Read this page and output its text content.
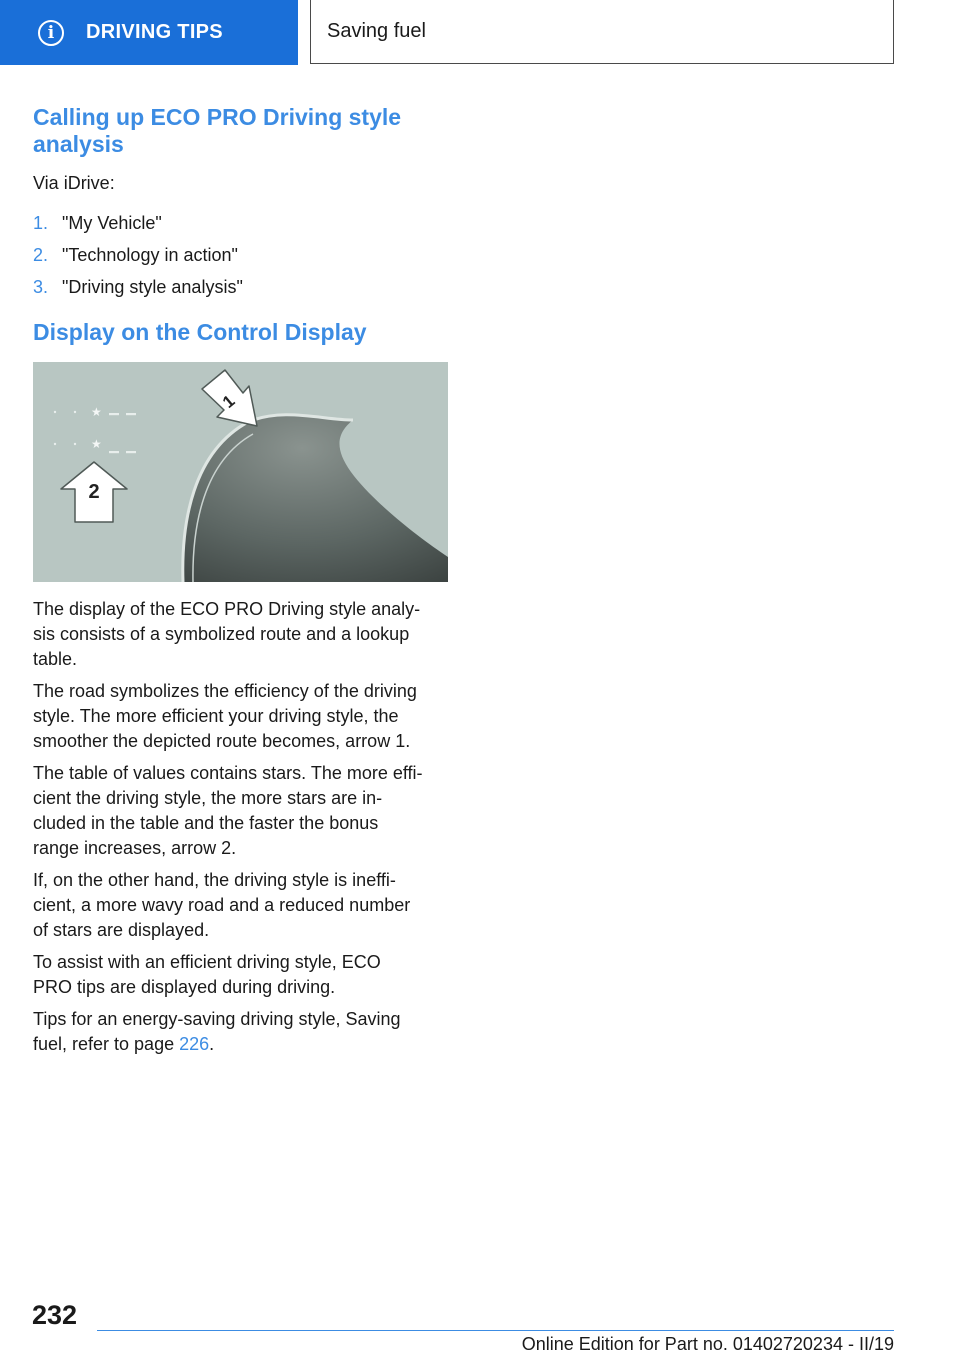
i	DRIVING TIPS	Saving fuel
Calling up ECO PRO Driving style
analysis

Via iDrive:

1. "My Vehicle"
2. "Technology in action"
3. "Driving style analysis"
Display on the Control Display
★
★
1
2

The display of the ECO PRO Driving style analy-
sis consists of a symbolized route and a lookup
table.

The road symbolizes the efficiency of the driving
style. The more efficient your driving style, the
smoother the depicted route becomes, arrow 1.

The table of values contains stars. The more effi-
cient the driving style, the more stars are in-
cluded in the table and the faster the bonus
range increases, arrow 2.

If, on the other hand, the driving style is ineffi-
cient, a more wavy road and a reduced number
of stars are displayed.

To assist with an efficient driving style, ECO
PRO tips are displayed during driving.

Tips for an energy-saving driving style, Saving
fuel, refer to page 226.

232
Online Edition for Part no. 01402720234 - II/19
